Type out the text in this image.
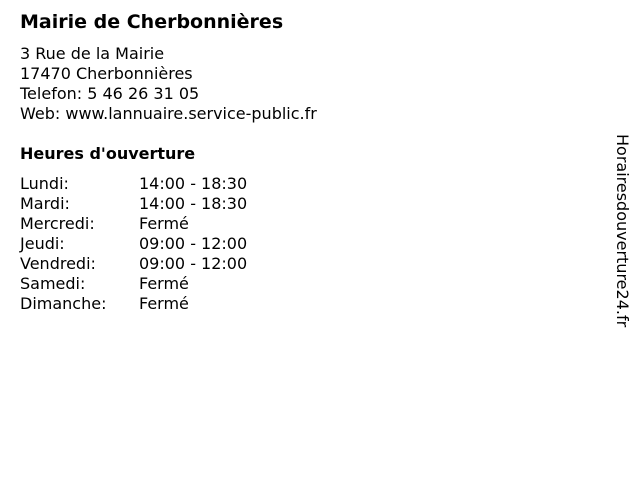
Mairie de Cherbonnières
3 Rue de la Mairie
17470 Cherbonnières
Telefon: 5 46 26 31 05
Web: www.lannuaire.service-public.fr
Heures d'ouverture
Lundi:	14:00 - 18:30
Mardi:	14:00 - 18:30
Mercredi:	Fermé
Jeudi:	09:00 - 12:00
Vendredi:	09:00 - 12:00
Samedi:	Fermé
Dimanche:	Fermé	Horairesdouverture24.fr
